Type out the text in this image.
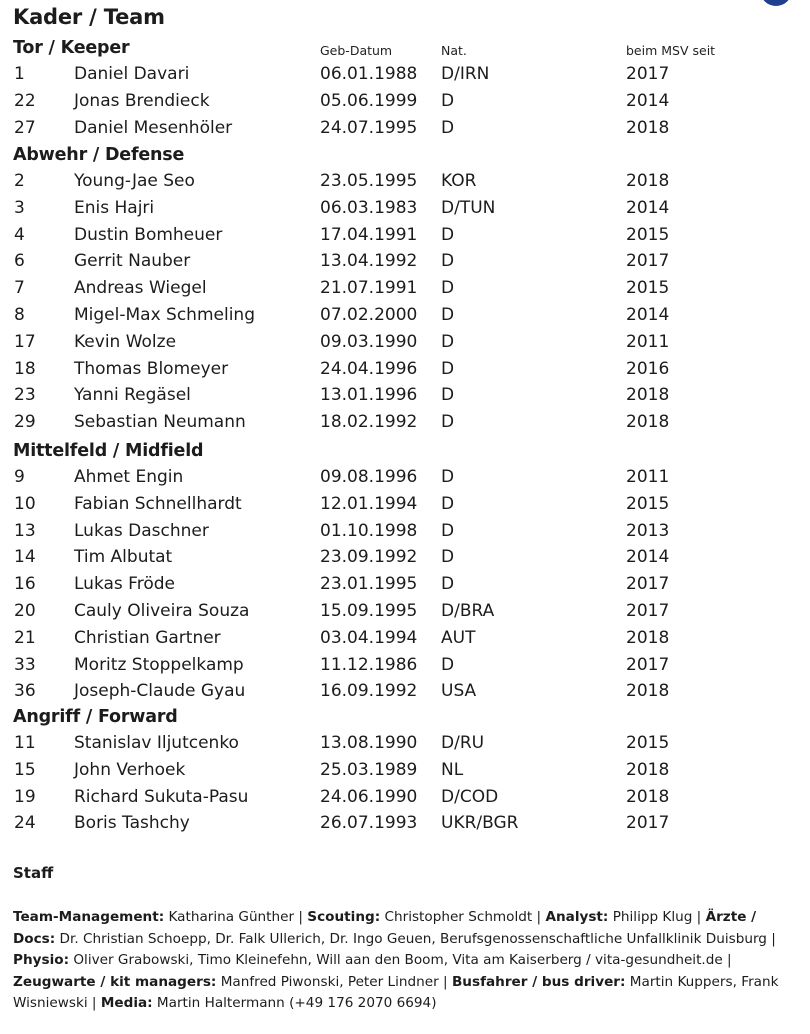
Kader / Team
Geb-Datum	Nat.	beim MSV seit
Tor / Keeper
1	Daniel Davari	06.01.1988 D/IRN	2017
22 Jonas Brendieck	05.06.1999 D	2014
27 Daniel Mesenhöler	24.07.1995 D	2018
Abwehr / Defense
2	Young-Jae Seo	23.05.1995 KOR	2018
3	Enis Hajri	06.03.1983 D/TUN	2014
4	Dustin Bomheuer	17.04.1991 D	2015
6	Gerrit Nauber	13.04.1992 D	2017
7	Andreas Wiegel	21.07.1991 D	2015
8	Migel-Max Schmeling	07.02.2000 D	2014
17 Kevin Wolze	09.03.1990 D	2011
18 Thomas Blomeyer	24.04.1996 D	2016
23 Yanni Regäsel	13.01.1996 D	2018
29 Sebastian Neumann	18.02.1992 D	2018
Mittelfeld / Midfield
9	Ahmet Engin	09.08.1996 D	2011
10 Fabian Schnellhardt	12.01.1994 D	2015
13 Lukas Daschner	01.10.1998 D	2013
14 Tim Albutat	23.09.1992 D	2014
16 Lukas Fröde	23.01.1995 D	2017
20 Cauly Oliveira Souza	15.09.1995 D/BRA	2017
21 Christian Gartner	03.04.1994 AUT	2018
33 Moritz Stoppelkamp	11.12.1986 D	2017
36 Joseph-Claude Gyau	16.09.1992 USA	2018
Angriff / Forward
11 Stanislav Iljutcenko	13.08.1990 D/RU	2015
15 John Verhoek	25.03.1989 NL	2018
19 Richard Sukuta-Pasu	24.06.1990 D/COD	2018
24 Boris Tashchy	26.07.1993 UKR/BGR	2017
Staff
Team-Management: Katharina Günther | Scouting: Christopher Schmoldt | Analyst: Philipp Klug | Ärzte / Docs: Dr. Christian Schoepp, Dr. Falk Ullerich, Dr. Ingo Geuen, Berufsgenossenschaftliche Unfallklinik Duisburg | Physio: Oliver Grabowski, Timo Kleinefehn, Will aan den Boom, Vita am Kaiserberg / vita-gesundheit.de | Zeugwarte / kit managers: Manfred Piwonski, Peter Lindner | Busfahrer / bus driver: Martin Kuppers, Frank Wisniewski | Media: Martin Haltermann (+49 176 2070 6694)
